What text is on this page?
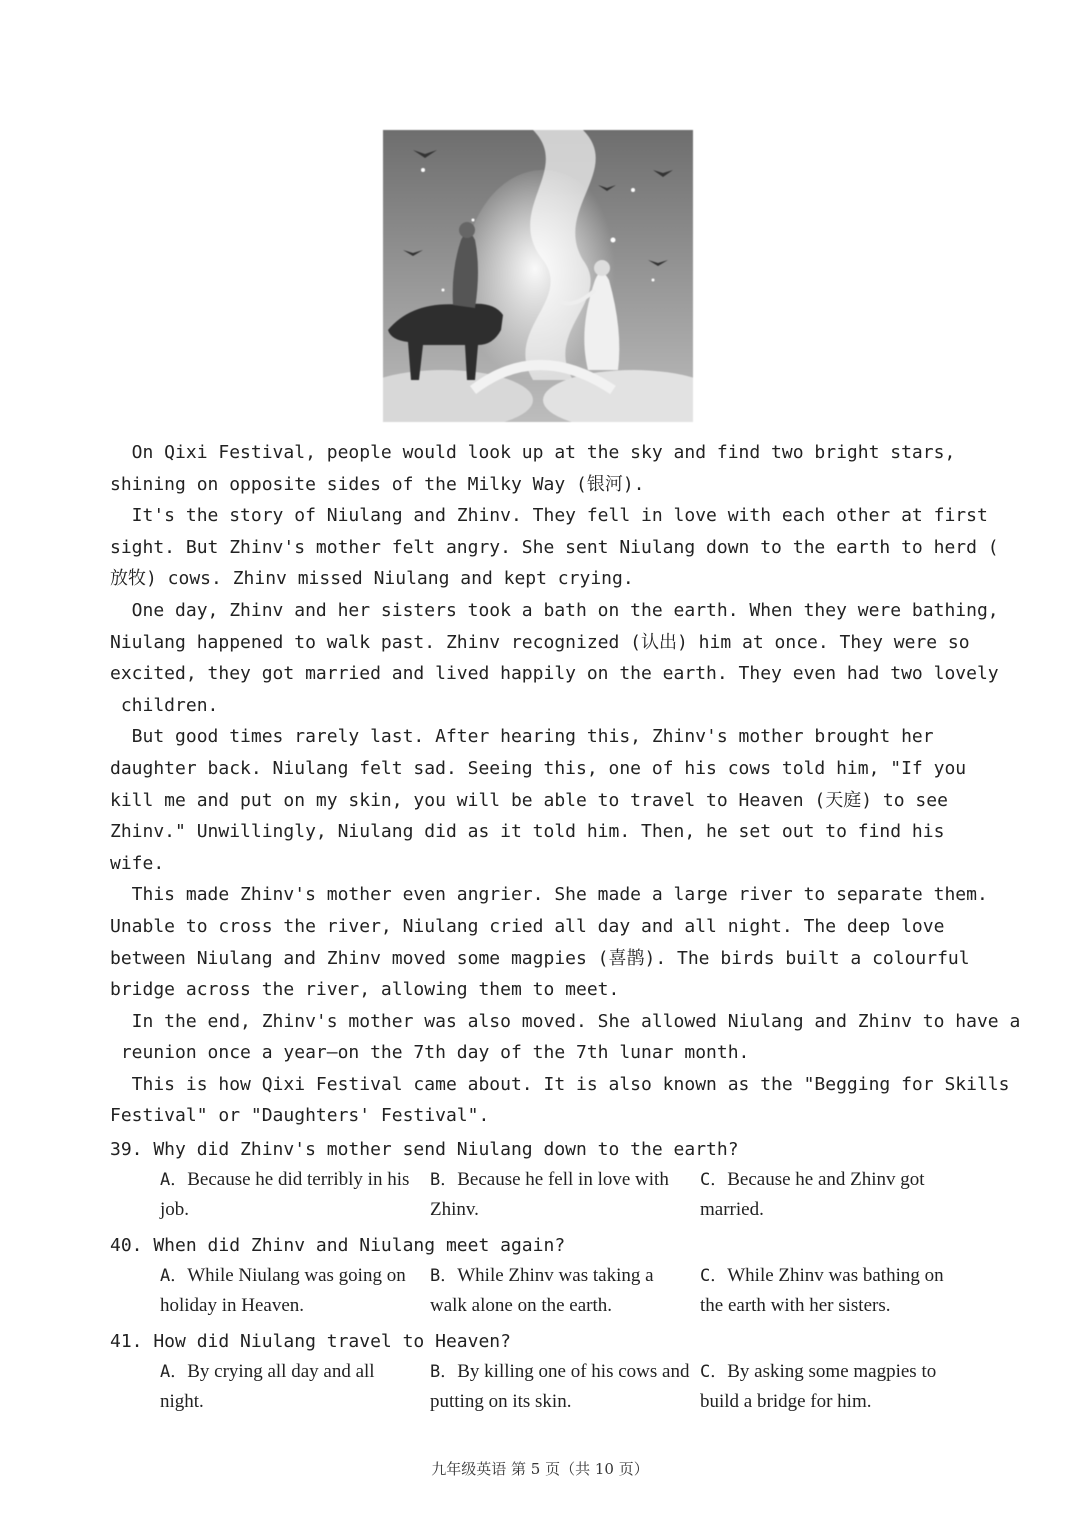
On Qixi Festival, people would look up at the sky and find two bright stars,
shining on opposite sides of the Milky Way (银河).
It's the story of Niulang and Zhinv. They fell in love with each other at first
sight. But Zhinv's mother felt angry. She sent Niulang down to the earth to herd (
放牧) cows. Zhinv missed Niulang and kept crying.
One day, Zhinv and her sisters took a bath on the earth. When they were bathing,
Niulang happened to walk past. Zhinv recognized (认出) him at once. They were so
excited, they got married and lived happily on the earth. They even had two lovely
children.
But good times rarely last. After hearing this, Zhinv's mother brought her
daughter back. Niulang felt sad. Seeing this, one of his cows told him, "If you
kill me and put on my skin, you will be able to travel to Heaven (天庭) to see
Zhinv." Unwillingly, Niulang did as it told him. Then, he set out to find his
wife.
This made Zhinv's mother even angrier. She made a large river to separate them.
Unable to cross the river, Niulang cried all day and all night. The deep love
between Niulang and Zhinv moved some magpies (喜鹊). The birds built a colourful
bridge across the river, allowing them to meet.
In the end, Zhinv's mother was also moved. She allowed Niulang and Zhinv to have a
reunion once a year—on the 7th day of the 7th lunar month.
This is how Qixi Festival came about. It is also known as the "Begging for Skills
Festival" or "Daughters' Festival".
39. Why did Zhinv's mother send Niulang down to the earth?
A．Because he did terribly in his job.
B．Because he fell in love with Zhinv.
C．Because he and Zhinv got married.
40. When did Zhinv and Niulang meet again?
A．While Niulang was going on holiday in Heaven.
B．While Zhinv was taking a walk alone on the earth.
C．While Zhinv was bathing on the earth with her sisters.
41. How did Niulang travel to Heaven?
A．By crying all day and all night.
B．By killing one of his cows and putting on its skin.
C．By asking some magpies to build a bridge for him.
九年级英语 第 5 页（共 10 页）
